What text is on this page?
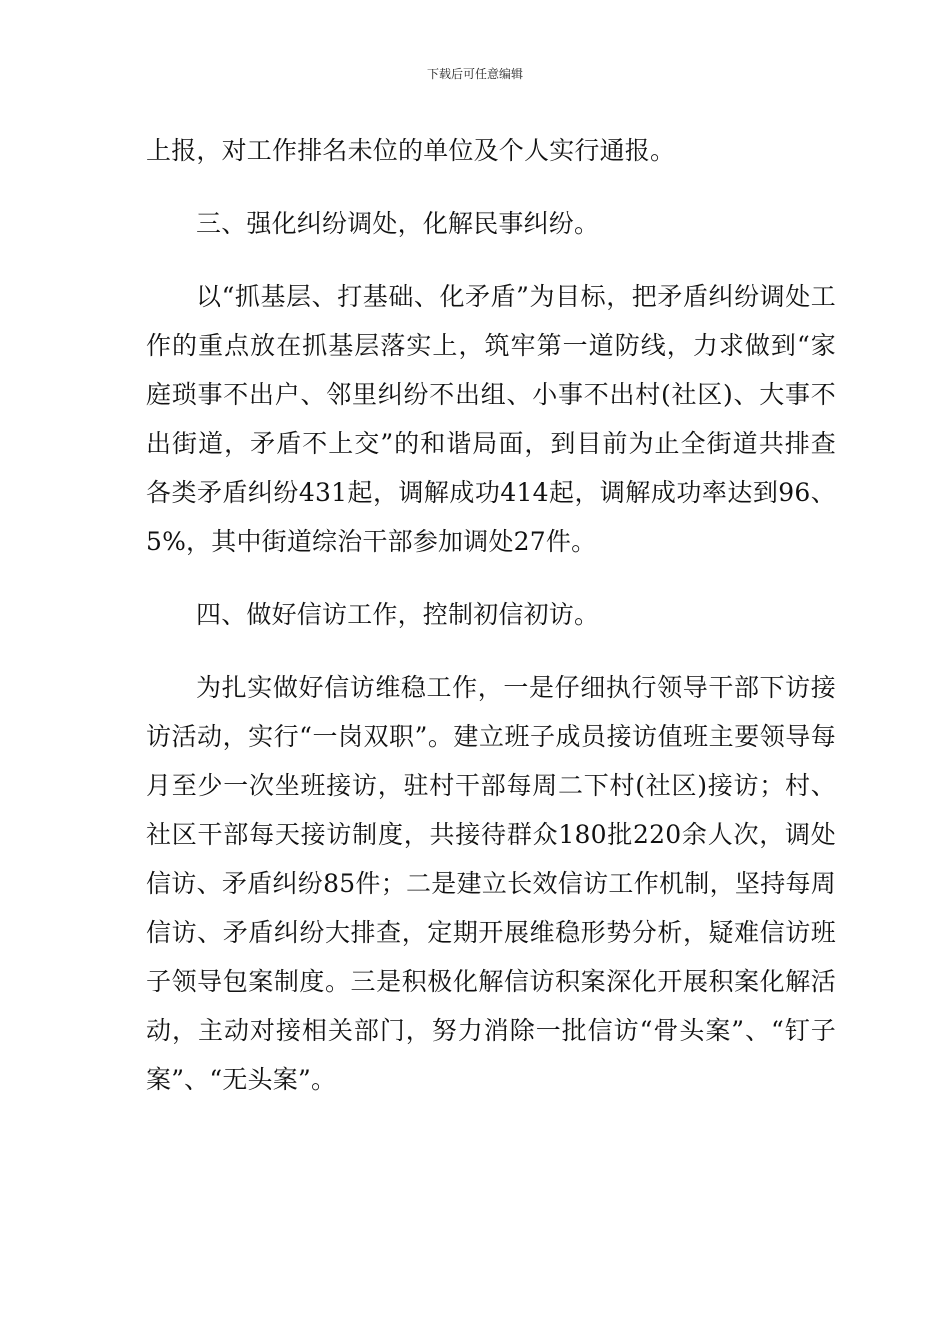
下载后可任意编辑

上报，对工作排名未位的单位及个人实行通报。

三、强化纠纷调处，化解民事纠纷。

以“抓基层、打基础、化矛盾”为目标，把矛盾纠纷调处工作的重点放在抓基层落实上，筑牢第一道防线，力求做到“家庭琐事不出户、邻里纠纷不出组、小事不出村(社区)、大事不出街道，矛盾不上交”的和谐局面，到目前为止全街道共排查各类矛盾纠纷431起，调解成功414起，调解成功率达到96、5%，其中街道综治干部参加调处27件。

四、做好信访工作，控制初信初访。

为扎实做好信访维稳工作，一是仔细执行领导干部下访接访活动，实行“一岗双职”。建立班子成员接访值班主要领导每月至少一次坐班接访，驻村干部每周二下村(社区)接访；村、社区干部每天接访制度，共接待群众180批220余人次，调处信访、矛盾纠纷85件；二是建立长效信访工作机制，坚持每周信访、矛盾纠纷大排查，定期开展维稳形势分析，疑难信访班子领导包案制度。三是积极化解信访积案深化开展积案化解活动，主动对接相关部门，努力消除一批信访“骨头案”、“钉子案”、“无头案”。
